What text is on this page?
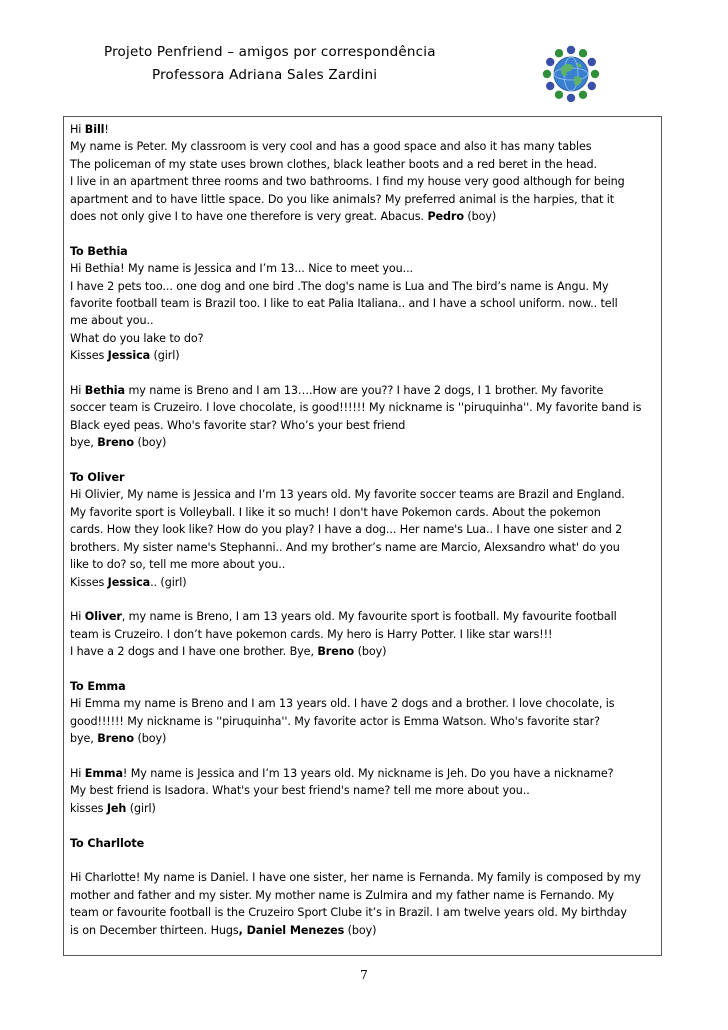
Projeto Penfriend – amigos por correspondência
Professora Adriana Sales Zardini

Hi Bill!

My name is Peter. My classroom is very cool and has a good space and also it has many tables

The policeman of my state uses brown clothes, black leather boots and a red beret in the head.

I live in an apartment three rooms and two bathrooms. I find my house very good although for being

apartment and to have little space. Do you like animals? My preferred animal is the harpies, that it

does not only give I to have one therefore is very great. Abacus. Pedro (boy)

To Bethia

Hi Bethia! My name is Jessica and I’m 13... Nice to meet you...

I have 2 pets too... one dog and one bird .The dog's name is Lua and The bird’s name is Angu. My

favorite football team is Brazil too. I like to eat Palia Italiana.. and I have a school uniform. now.. tell

me about you..

What do you lake to do?

Kisses Jessica (girl)

Hi Bethia my name is Breno and I am 13….How are you?? I have 2 dogs, I 1 brother. My favorite

soccer team is Cruzeiro. I love chocolate, is good!!!!!! My nickname is ''piruquinha''. My favorite band is

Black eyed peas. Who's favorite star? Who’s your best friend

bye, Breno (boy)

To Oliver

Hi Olivier, My name is Jessica and I’m 13 years old. My favorite soccer teams are Brazil and England.

My favorite sport is Volleyball. I like it so much! I don't have Pokemon cards. About the pokemon

cards. How they look like? How do you play? I have a dog... Her name's Lua.. I have one sister and 2

brothers. My sister name's Stephanni.. And my brother’s name are Marcio, Alexsandro what' do you

like to do? so, tell me more about you..

Kisses Jessica.. (girl)

Hi Oliver, my name is Breno, I am 13 years old. My favourite sport is football. My favourite football

team is Cruzeiro. I don’t have pokemon cards. My hero is Harry Potter. I like star wars!!!

I have a 2 dogs and I have one brother. Bye, Breno (boy)

To Emma

Hi Emma my name is Breno and I am 13 years old. I have 2 dogs and a brother. I love chocolate, is

good!!!!!! My nickname is ''piruquinha''. My favorite actor is Emma Watson. Who's favorite star?

bye, Breno (boy)

Hi Emma! My name is Jessica and I’m 13 years old. My nickname is Jeh. Do you have a nickname?

My best friend is Isadora. What's your best friend's name? tell me more about you..

kisses Jeh (girl)

To Charllote

Hi Charlotte! My name is Daniel. I have one sister, her name is Fernanda. My family is composed by my

mother and father and my sister. My mother name is Zulmira and my father name is Fernando. My

team or favourite football is the Cruzeiro Sport Clube it’s in Brazil. I am twelve years old. My birthday

is on December thirteen. Hugs, Daniel Menezes (boy)

7
